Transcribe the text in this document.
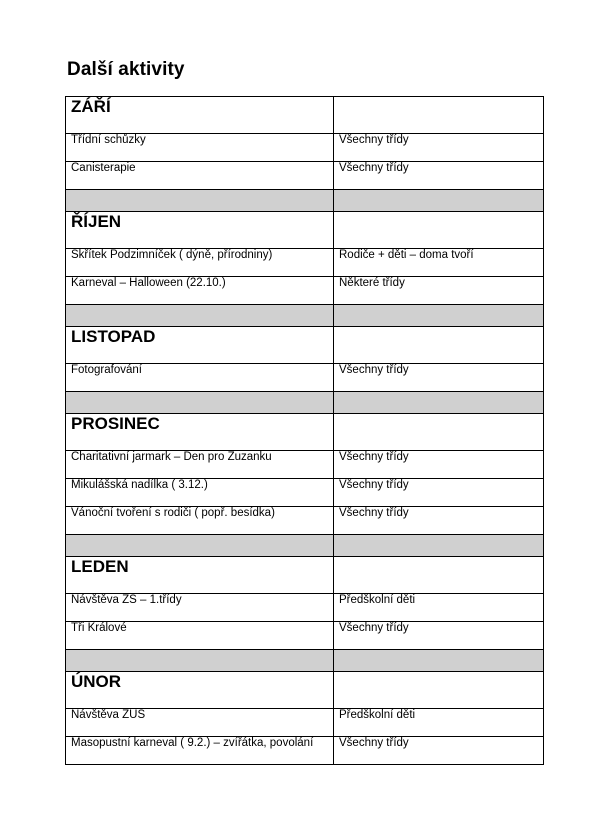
Další aktivity
ZÁŘÍ	
Třídní schůzky	Všechny třídy
Canisterapie	Všechny třídy

ŘÍJEN	
Skřítek Podzimníček ( dýně, přírodniny)	Rodiče + děti – doma tvoří
Karneval – Halloween (22.10.)	Některé třídy

LISTOPAD	
Fotografování	Všechny třídy

PROSINEC	
Charitativní jarmark – Den pro Zuzanku	Všechny třídy
Mikulášská nadílka ( 3.12.)	Všechny třídy
Vánoční tvoření s rodiči ( popř. besídka)	Všechny třídy

LEDEN	
Návštěva ZŠ – 1.třídy	Předškolní děti
Tři Králové	Všechny třídy

ÚNOR	
Návštěva ZUŠ	Předškolní děti
Masopustní karneval ( 9.2.) – zvířátka, povolání	Všechny třídy
